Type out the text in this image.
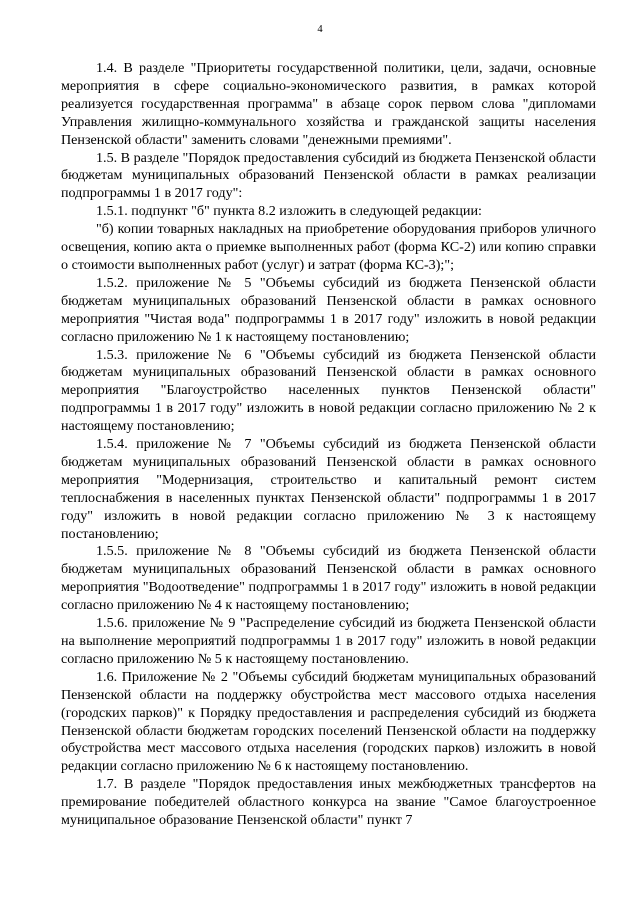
4

1.4. В разделе "Приоритеты государственной политики, цели, задачи, основные мероприятия в сфере социально-экономического развития, в рамках которой реализуется государственная программа" в абзаце сорок первом слова "дипломами Управления жилищно-коммунального хозяйства и гражданской защиты населения Пензенской области" заменить словами "денежными премиями".

1.5. В разделе "Порядок предоставления субсидий из бюджета Пензенской области бюджетам муниципальных образований Пензенской области в рамках реализации подпрограммы 1 в 2017 году":

1.5.1. подпункт "б" пункта 8.2 изложить в следующей редакции:

"б) копии товарных накладных на приобретение оборудования приборов уличного освещения, копию акта о приемке выполненных работ (форма КС-2) или копию справки о стоимости выполненных работ (услуг) и затрат (форма КС-3);";

1.5.2. приложение № 5 "Объемы субсидий из бюджета Пензенской области бюджетам муниципальных образований Пензенской области в рамках основного мероприятия "Чистая вода" подпрограммы 1 в 2017 году" изложить в новой редакции согласно приложению № 1 к настоящему постановлению;

1.5.3. приложение № 6 "Объемы субсидий из бюджета Пензенской области бюджетам муниципальных образований Пензенской области в рамках основного мероприятия "Благоустройство населенных пунктов Пензенской области" подпрограммы 1 в 2017 году" изложить в новой редакции согласно приложению № 2 к настоящему постановлению;

1.5.4. приложение № 7 "Объемы субсидий из бюджета Пензенской области бюджетам муниципальных образований Пензенской области в рамках основного мероприятия "Модернизация, строительство и капитальный ремонт систем теплоснабжения в населенных пунктах Пензенской области" подпрограммы 1 в 2017 году" изложить в новой редакции согласно приложению № 3 к настоящему постановлению;

1.5.5. приложение № 8 "Объемы субсидий из бюджета Пензенской области бюджетам муниципальных образований Пензенской области в рамках основного мероприятия "Водоотведение" подпрограммы 1 в 2017 году" изложить в новой редакции согласно приложению № 4 к настоящему постановлению;

1.5.6. приложение № 9 "Распределение субсидий из бюджета Пензенской области на выполнение мероприятий подпрограммы 1 в 2017 году" изложить в новой редакции согласно приложению № 5 к настоящему постановлению.

1.6. Приложение № 2 "Объемы субсидий бюджетам муниципальных образований Пензенской области на поддержку обустройства мест массового отдыха населения (городских парков)" к Порядку предоставления и распределения субсидий из бюджета Пензенской области бюджетам городских поселений Пензенской области на поддержку обустройства мест массового отдыха населения (городских парков) изложить в новой редакции согласно приложению № 6 к настоящему постановлению.

1.7. В разделе "Порядок предоставления иных межбюджетных трансфертов на премирование победителей областного конкурса на звание "Самое благоустроенное муниципальное образование Пензенской области" пункт 7
